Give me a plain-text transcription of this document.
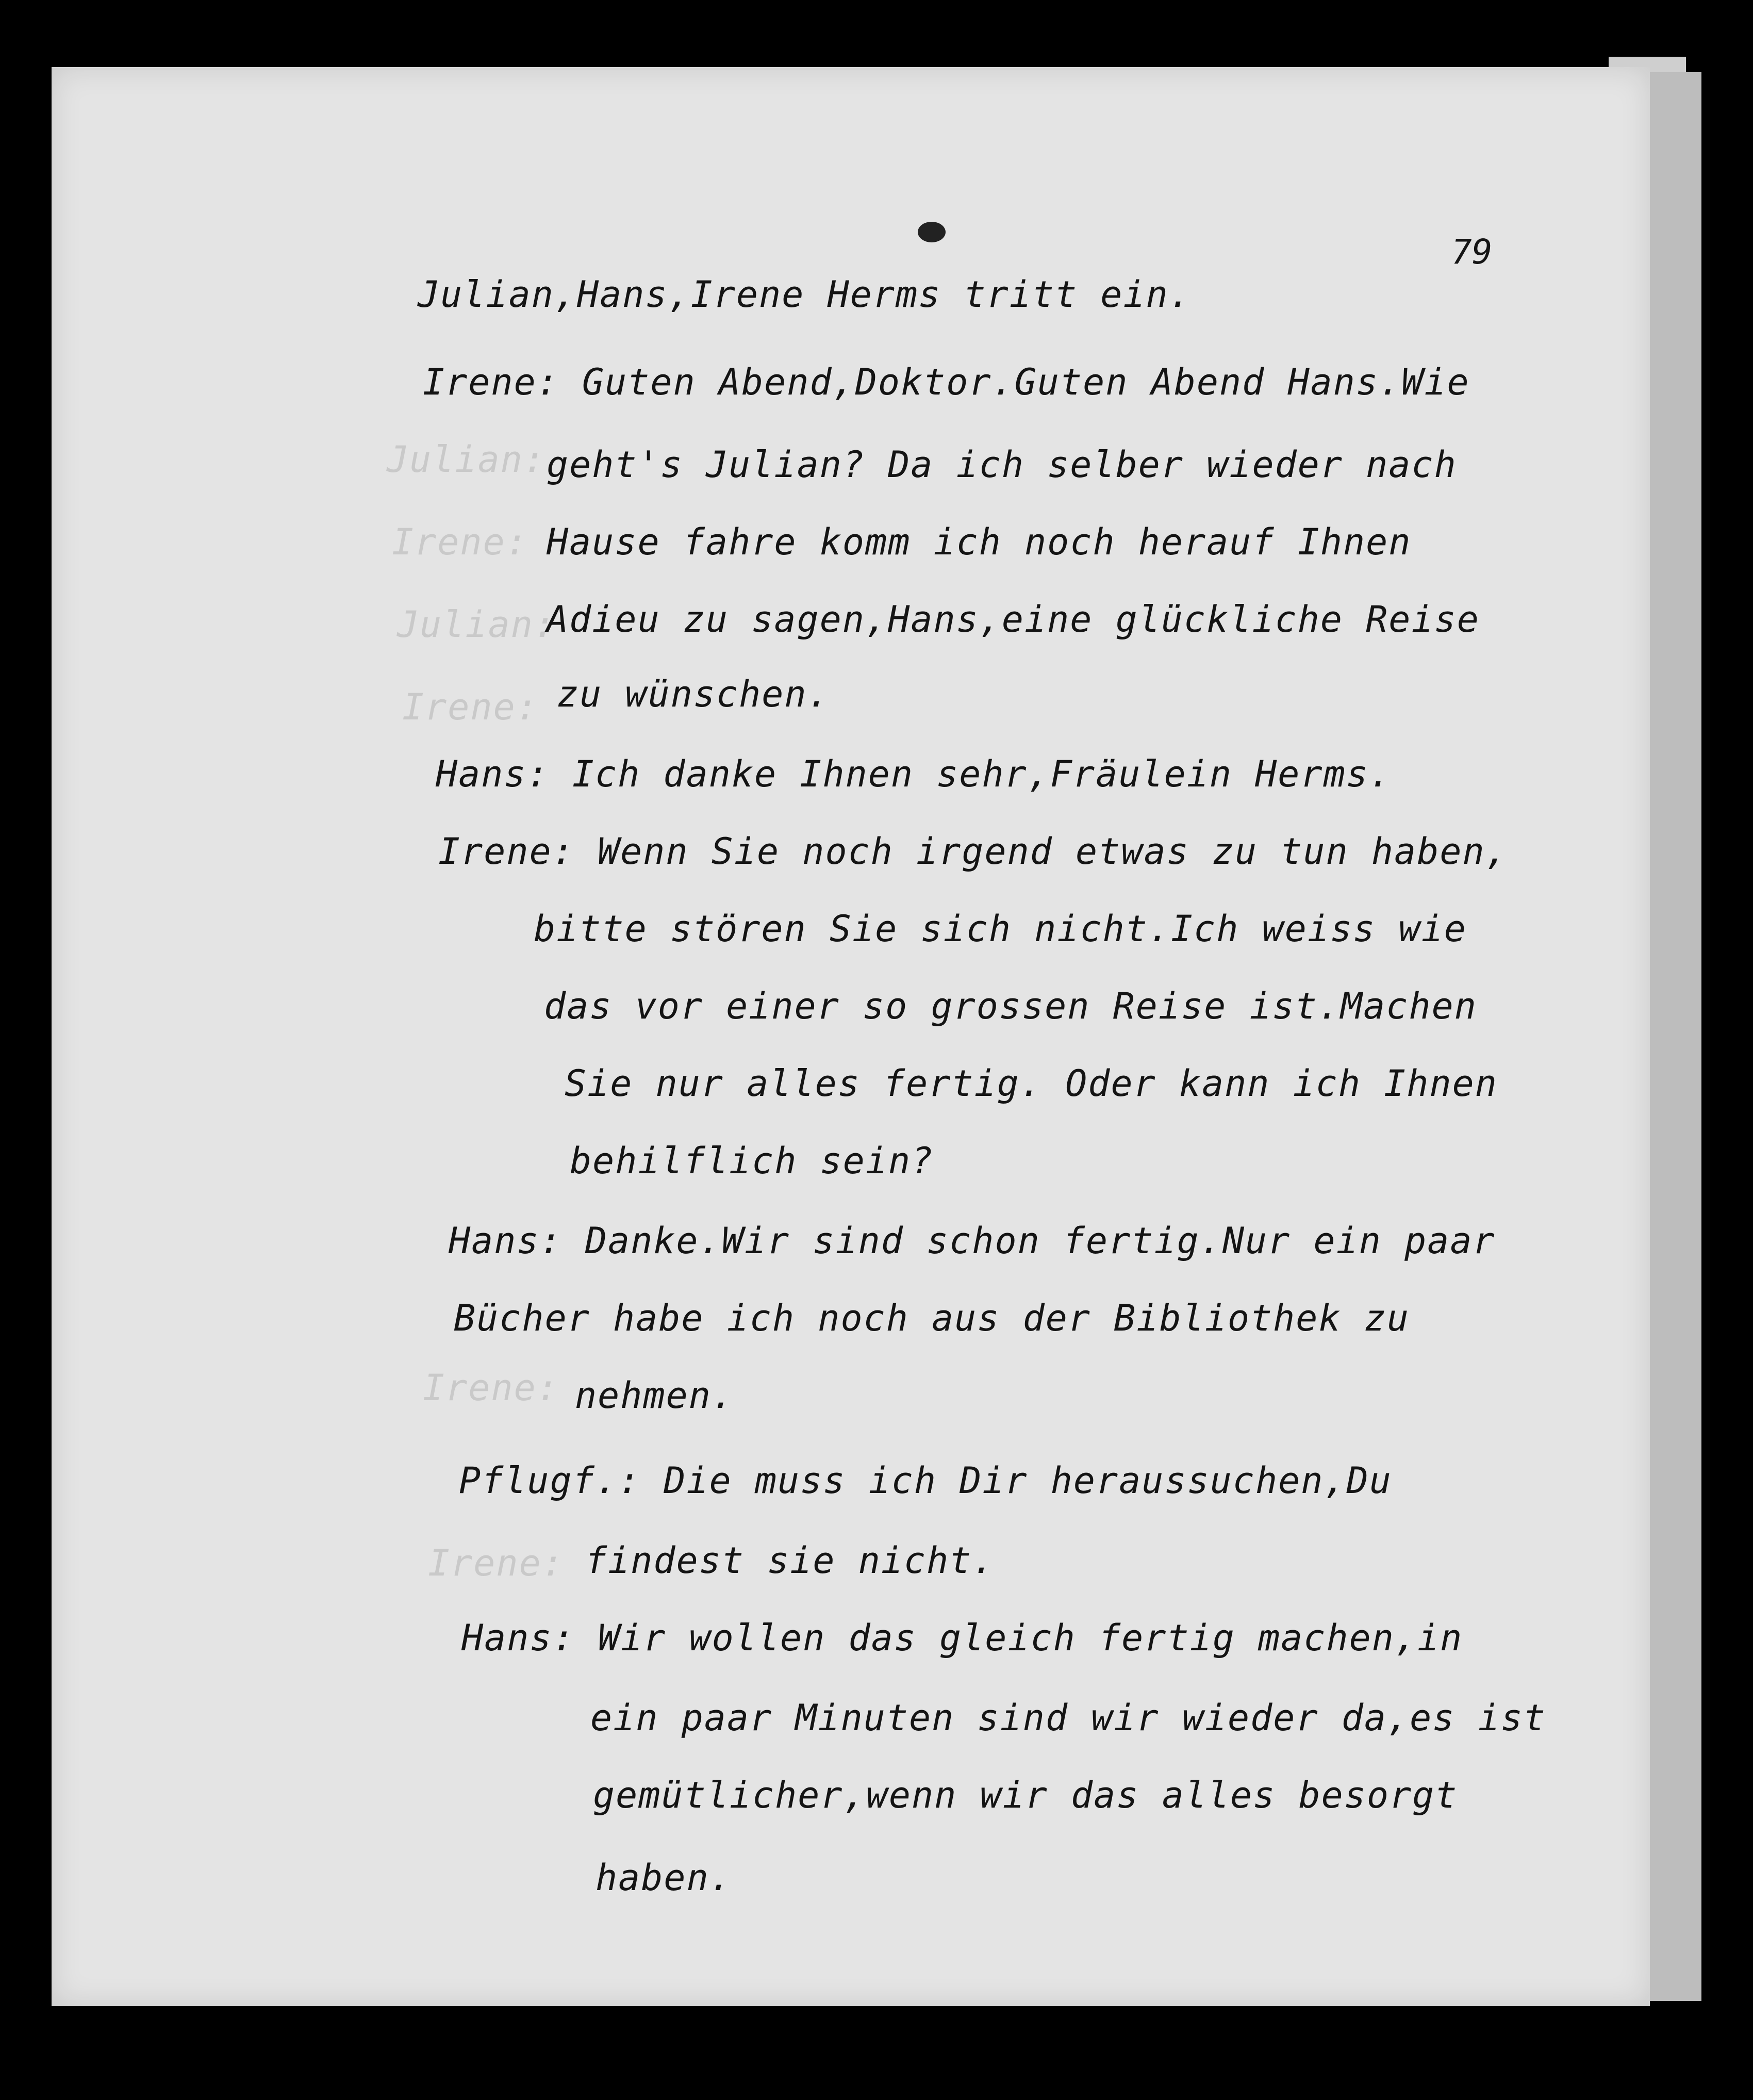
79
Julian:
Irene:
Julian:
Irene:
Irene:
Irene:
Julian,Hans,Irene Herms tritt ein.
Irene: Guten Abend,Doktor.Guten Abend Hans.Wie
geht's Julian? Da ich selber wieder nach
Hause fahre komm ich noch herauf Ihnen
Adieu zu sagen,Hans,eine glückliche Reise
zu wünschen.
Hans: Ich danke Ihnen sehr,Fräulein Herms.
Irene: Wenn Sie noch irgend etwas zu tun haben,
bitte stören Sie sich nicht.Ich weiss wie
das vor einer so grossen Reise ist.Machen
Sie nur alles fertig. Oder kann ich Ihnen
behilflich sein?
Hans: Danke.Wir sind schon fertig.Nur ein paar
Bücher habe ich noch aus der Bibliothek zu
nehmen.
Pflugf.: Die muss ich Dir heraussuchen,Du
findest sie nicht.
Hans: Wir wollen das gleich fertig machen,in
ein paar Minuten sind wir wieder da,es ist
gemütlicher,wenn wir das alles besorgt
haben.
